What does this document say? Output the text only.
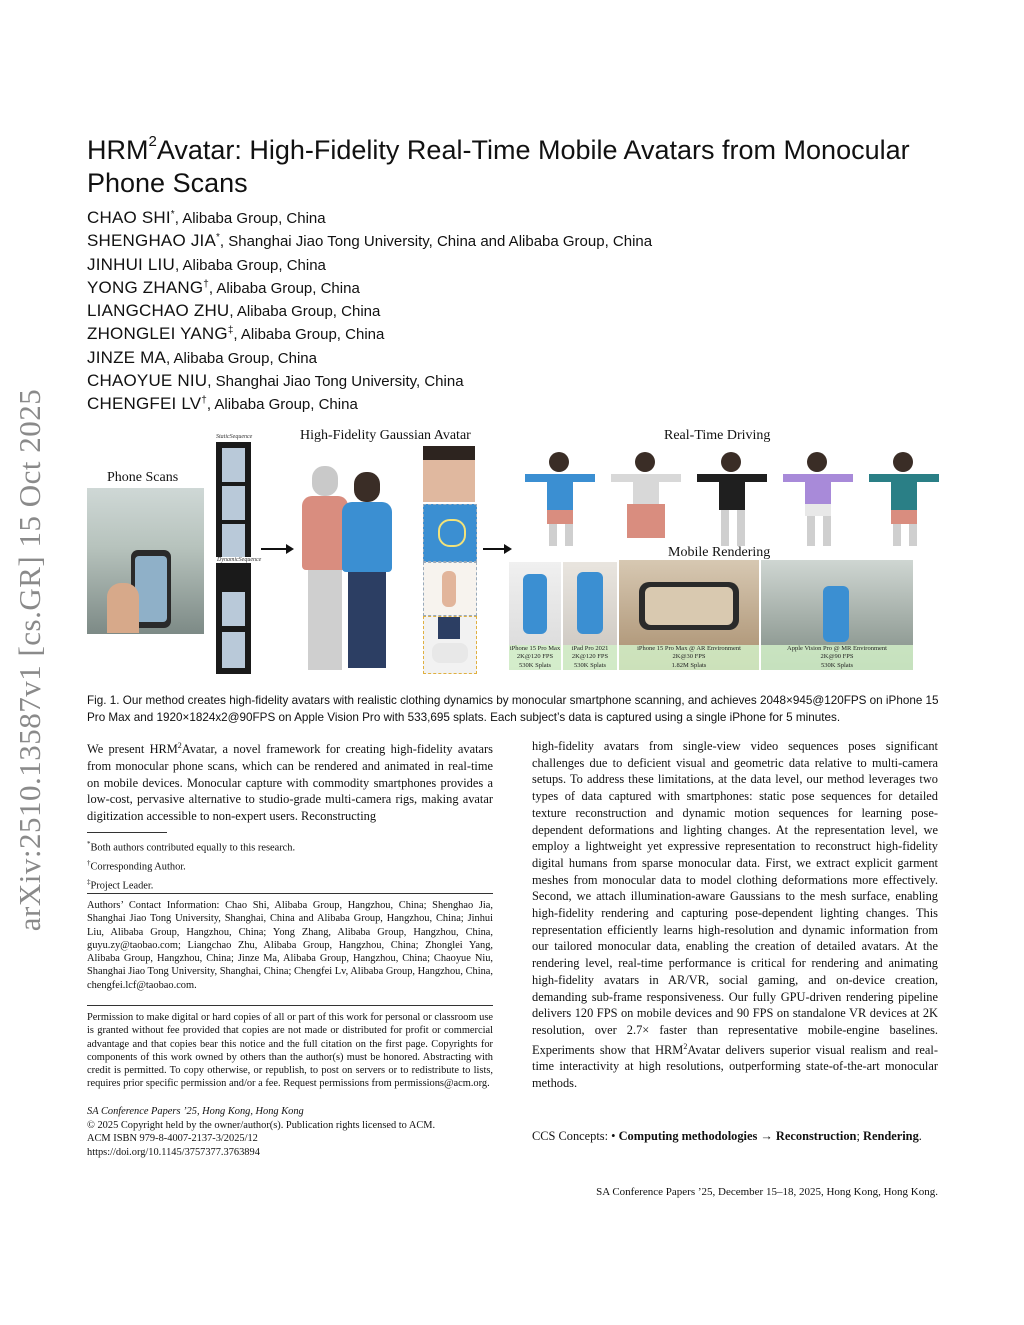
arXiv:2510.13587v1 [cs.GR] 15 Oct 2025
HRM$^2$Avatar: High-Fidelity Real-Time Mobile Avatars from Monocular Phone Scans
CHAO SHI*, Alibaba Group, China
SHENGHAO JIA*, Shanghai Jiao Tong University, China and Alibaba Group, China
JINHUI LIU, Alibaba Group, China
YONG ZHANG†, Alibaba Group, China
LIANGCHAO ZHU, Alibaba Group, China
ZHONGLEI YANG‡, Alibaba Group, China
JINZE MA, Alibaba Group, China
CHAOYUE NIU, Shanghai Jiao Tong University, China
CHENGFEI LV†, Alibaba Group, China
Phone Scans
StaticSequence
DynamicSequence
High-Fidelity Gaussian Avatar	Real-Time Driving
Mobile Rendering
iPhone 15 Pro Max
2K@120 FPS
530K Splats
iPad Pro 2021
2K@120 FPS
530K Splats
iPhone 15 Pro Max @ AR Environment
2K@30 FPS
1.82M Splats
Apple Vision Pro @ MR Environment
2K@90 FPS
530K Splats
Fig. 1. Our method creates high-fidelity avatars with realistic clothing dynamics by monocular smartphone scanning, and achieves 2048×945@120FPS on iPhone 15 Pro Max and 1920×1824x2@90FPS on Apple Vision Pro with 533,695 splats. Each subject’s data is captured using a single iPhone for 5 minutes.
We present HRM$^2$Avatar, a novel framework for creating high-fidelity avatars from monocular phone scans, which can be rendered and animated in real-time on mobile devices. Monocular capture with commodity smartphones provides a low-cost, pervasive alternative to studio-grade multi-camera rigs, making avatar digitization accessible to non-expert users. Reconstructing
*Both authors contributed equally to this research.
†Corresponding Author.
‡Project Leader.
Authors’ Contact Information: Chao Shi, Alibaba Group, Hangzhou, China; Shenghao Jia, Shanghai Jiao Tong University, Shanghai, China and Alibaba Group, Hangzhou, China; Jinhui Liu, Alibaba Group, Hangzhou, China; Yong Zhang, Alibaba Group, Hangzhou, China, guyu.zy@taobao.com; Liangchao Zhu, Alibaba Group, Hangzhou, China; Zhonglei Yang, Alibaba Group, Hangzhou, China; Jinze Ma, Alibaba Group, Hangzhou, China; Chaoyue Niu, Shanghai Jiao Tong University, Shanghai, China; Chengfei Lv, Alibaba Group, Hangzhou, China, chengfei.lcf@taobao.com.
Permission to make digital or hard copies of all or part of this work for personal or classroom use is granted without fee provided that copies are not made or distributed for profit or commercial advantage and that copies bear this notice and the full citation on the first page. Copyrights for components of this work owned by others than the author(s) must be honored. Abstracting with credit is permitted. To copy otherwise, or republish, to post on servers or to redistribute to lists, requires prior specific permission and/or a fee. Request permissions from permissions@acm.org.
SA Conference Papers ’25, Hong Kong, Hong Kong
© 2025 Copyright held by the owner/author(s). Publication rights licensed to ACM.
ACM ISBN 979-8-4007-2137-3/2025/12
https://doi.org/10.1145/3757377.3763894
high-fidelity avatars from single-view video sequences poses significant challenges due to deficient visual and geometric data relative to multi-camera setups. To address these limitations, at the data level, our method leverages two types of data captured with smartphones: static pose sequences for detailed texture reconstruction and dynamic motion sequences for learning pose-dependent deformations and lighting changes. At the representation level, we employ a lightweight yet expressive representation to reconstruct high-fidelity digital humans from sparse monocular data. First, we extract explicit garment meshes from monocular data to model clothing deformations more effectively. Second, we attach illumination-aware Gaussians to the mesh surface, enabling high-fidelity rendering and capturing pose-dependent lighting changes. This representation efficiently learns high-resolution and dynamic information from our tailored monocular data, enabling the creation of detailed avatars. At the rendering level, real-time performance is critical for rendering and animating high-fidelity avatars in AR/VR, social gaming, and on-device creation, demanding sub-frame responsiveness. Our fully GPU-driven rendering pipeline delivers 120 FPS on mobile devices and 90 FPS on standalone VR devices at 2K resolution, over 2.7× faster than representative mobile-engine baselines. Experiments show that HRM$^2$Avatar delivers superior visual realism and real-time interactivity at high resolutions, outperforming state-of-the-art monocular methods.
CCS Concepts: • Computing methodologies → Reconstruction; Rendering.
SA Conference Papers ’25, December 15–18, 2025, Hong Kong, Hong Kong.
